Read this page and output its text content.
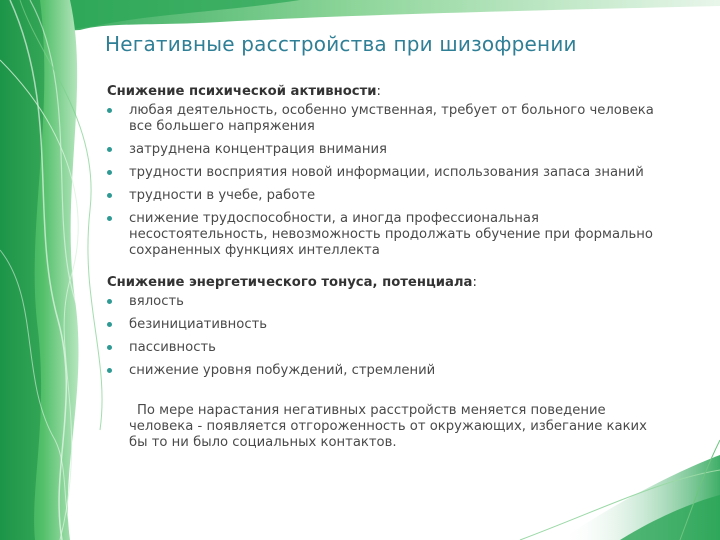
Негативные расстройства при шизофрении

Снижение психической активности:

любая деятельность, особенно умственная, требует от больного человека все большего напряжения
затруднена концентрация внимания
трудности восприятия новой информации, использования запаса знаний
трудности в учебе, работе
снижение трудоспособности, а иногда профессиональная несостоятельность, невозможность продолжать обучение при формально сохраненных функциях интеллекта

Снижение энергетического тонуса, потенциала:

вялость
безинициативность
пассивность
снижение уровня побуждений, стремлений

По мере нарастания негативных расстройств меняется поведение человека - появляется отгороженность от окружающих, избегание каких бы то ни было социальных контактов.
